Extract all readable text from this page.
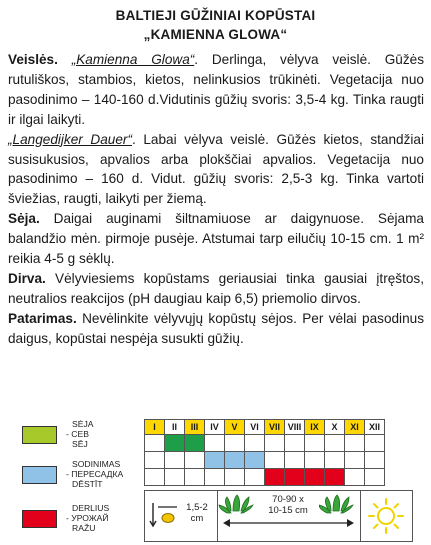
BALTIEJI GŪŽINIAI KOPŪSTAI
„KAMIENNA GLOWA“

Veislės. „Kamienna Glowa“. Derlinga, vėlyva veislė. Gūžės rutuliškos, stambios, kietos, nelinkusios trūkinėti. Vegetacija nuo pasodinimo – 140-160 d.Vidutinis gūžių svoris: 3,5-4 kg. Tinka raugti ir ilgai laikyti.

„Langedijker Dauer“. Labai vėlyva veislė. Gūžės kietos, standžiai susisukusios, apvalios arba plokščiai apvalios. Vegetacija nuo pasodinimo – 160 d. Vidut. gūžių svoris: 2,5-3 kg. Tinka vartoti šviežias, raugti, laikyti per žiemą.

Sėja. Daigai auginami šiltnamiuose ar daigynuose. Sėjama balandžio mėn. pirmoje pusėje. Atstumai tarp eilučių 10-15 cm. 1 m² reikia 4-5 g sėklų.

Dirva. Vėlyviesiems kopūstams geriausiai tinka gausiai įtręštos, neutralios reakcijos (pH daugiau kaip 6,5) priemolio dirvos.

Patarimas. Nevėlinkite vėlyvųjų kopūstų sėjos. Per vėlai pasodinus daigus, kopūstai nespėja susukti gūžių.

SĖJA
- СЕВ
SĒJ
SODINIMAS
- ПЕРЕСАДКА
DĒSTĪT
DERLIUS
- УРОЖАЙ
RAŽU
I	II	III	IV	V	VI	VII	VIII	IX	X	XI	XII

1,5-2 cm
70-90 x
10-15 cm
